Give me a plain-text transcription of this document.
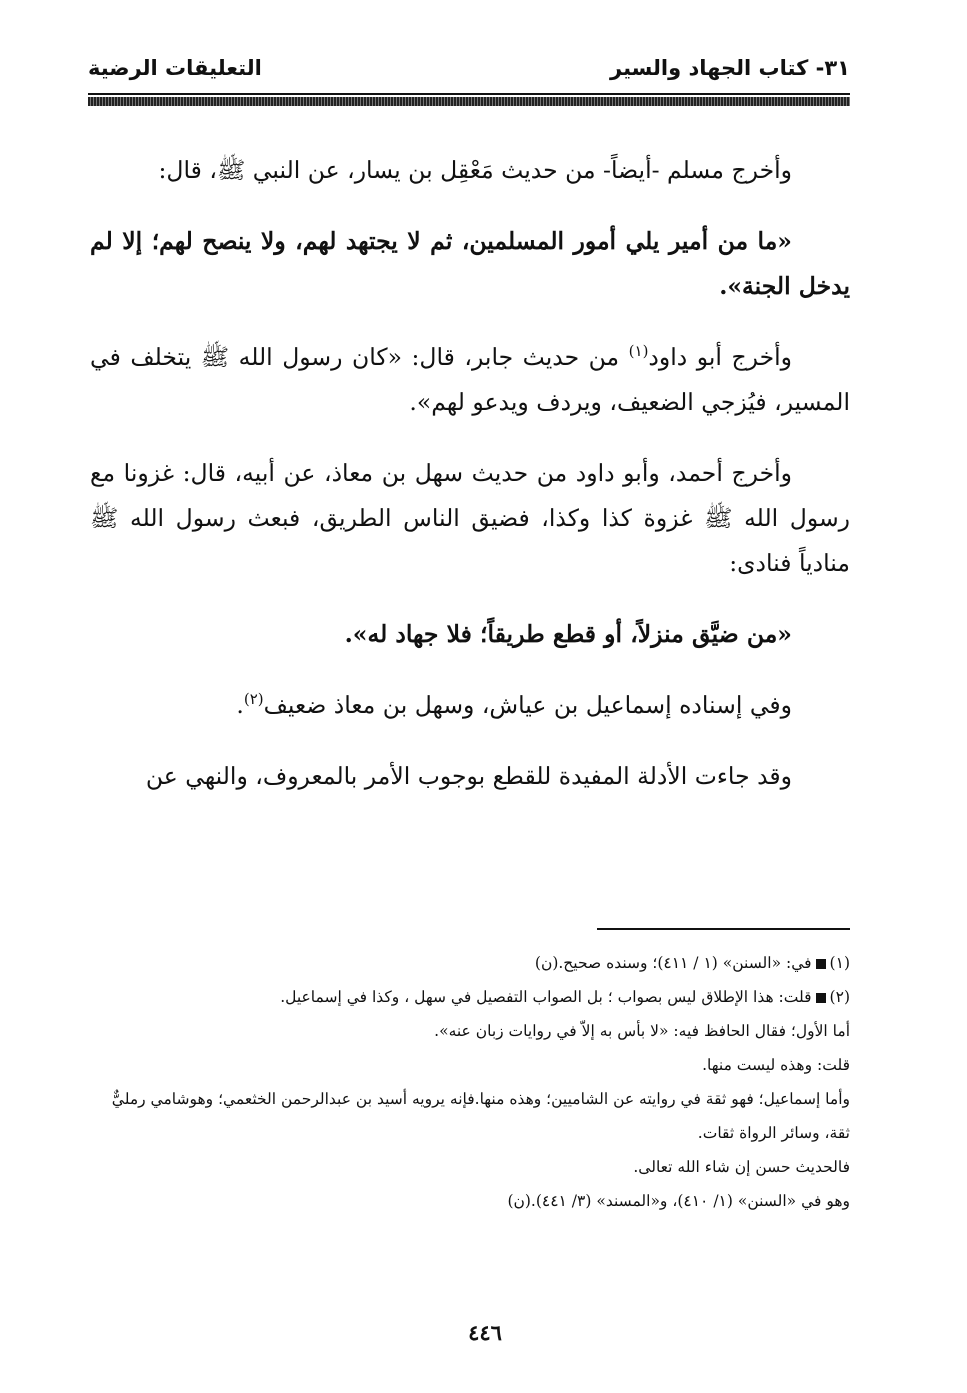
٣١- كتاب الجهاد والسير
التعليقات الرضية

وأخرج مسلم -أيضاً- من حديث مَعْقِل بن يسار، عن النبي ﷺ، قال:

«ما من أمير يلي أمور المسلمين، ثم لا يجتهد لهم، ولا ينصح لهم؛ إلا لم يدخل الجنة».

وأخرج أبو داود$^{(١)}$ من حديث جابر، قال: «كان رسول الله ﷺ يتخلف في المسير، فيُزجي الضعيف، ويردف ويدعو لهم».

وأخرج أحمد، وأبو داود من حديث سهل بن معاذ، عن أبيه، قال: غزونا مع رسول الله ﷺ غزوة كذا وكذا، فضيق الناس الطريق، فبعث رسول الله ﷺ منادياً فنادى:

«من ضيَّق منزلاً، أو قطع طريقاً؛ فلا جهاد له».

وفي إسناده إسماعيل بن عياش، وسهل بن معاذ ضعيف$^{(٢)}$.

وقد جاءت الأدلة المفيدة للقطع بوجوب الأمر بالمعروف، والنهي عن

(١)في: «السنن» (١ / ٤١١)؛ وسنده صحيح.(ن)
(٢)قلت: هذا الإطلاق ليس بصواب ؛ بل الصواب التفصيل في سهل ، وكذا في إسماعيل.
أما الأول؛ فقال الحافظ فيه: «لا بأس به إلاّ في روايات زبان عنه».
قلت: وهذه ليست منها.
وأما إسماعيل؛ فهو ثقة في روايته عن الشاميين؛ وهذه منها.فإنه يرويه أسيد بن عبدالرحمن الخثعمي؛ وهوشامي رمليٌّ ثقة، وسائر الرواة ثقات.
فالحديث حسن إن شاء الله تعالى.
وهو في «السنن» (١/ ٤١٠)، و«المسند» (٣/ ٤٤١).(ن)
٤٤٦
